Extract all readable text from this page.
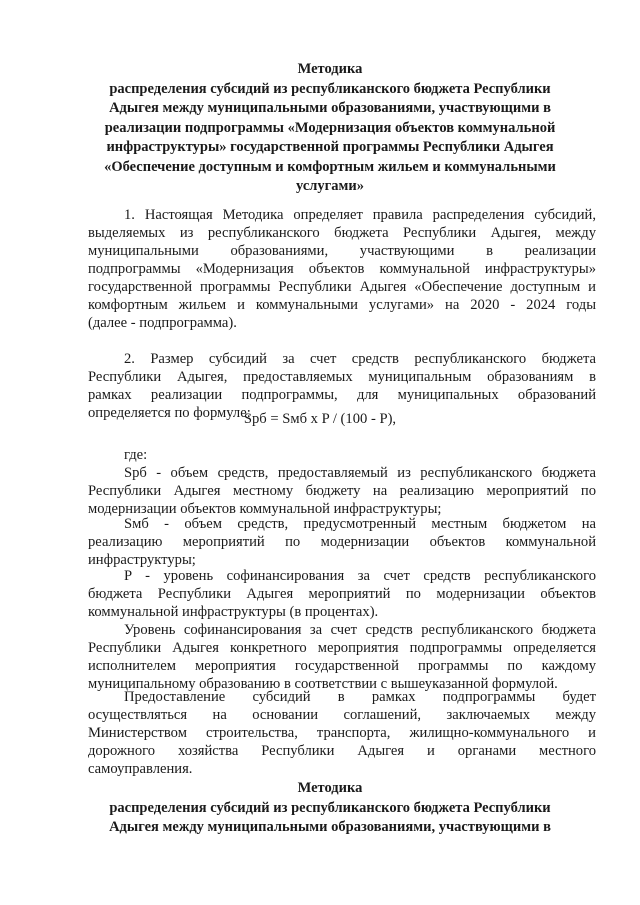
Методика
распределения субсидий из республиканского бюджета Республики
Адыгея между муниципальными образованиями, участвующими в
реализации подпрограммы «Модернизация объектов коммунальной
инфраструктуры» государственной программы Республики Адыгея
«Обеспечение доступным и комфортным жильем и коммунальными
услугами»
1. Настоящая Методика определяет правила распределения субсидий,
выделяемых из республиканского бюджета Республики Адыгея, между
муниципальными образованиями, участвующими в реализации
подпрограммы «Модернизация объектов коммунальной инфраструктуры»
государственной программы Республики Адыгея «Обеспечение доступным и
комфортным жильем и коммунальными услугами» на 2020 - 2024 годы
(далее - подпрограмма).
2. Размер субсидий за счет средств республиканского бюджета
Республики Адыгея, предоставляемых муниципальным образованиям в
рамках реализации подпрограммы, для муниципальных образований
определяется по формуле:
Spб = Sмб x P / (100 - P),
где:
Spб - объем средств, предоставляемый из республиканского бюджета
Республики Адыгея местному бюджету на реализацию мероприятий по
модернизации объектов коммунальной инфраструктуры;
Sмб - объем средств, предусмотренный местным бюджетом на
реализацию мероприятий по модернизации объектов коммунальной
инфраструктуры;
P - уровень софинансирования за счет средств республиканского
бюджета Республики Адыгея мероприятий по модернизации объектов
коммунальной инфраструктуры (в процентах).
Уровень софинансирования за счет средств республиканского бюджета
Республики Адыгея конкретного мероприятия подпрограммы определяется
исполнителем мероприятия государственной программы по каждому
муниципальному образованию в соответствии с вышеуказанной формулой.
Предоставление субсидий в рамках подпрограммы будет
осуществляться на основании соглашений, заключаемых между
Министерством строительства, транспорта, жилищно-коммунального и
дорожного хозяйства Республики Адыгея и органами местного
самоуправления.
Методика
распределения субсидий из республиканского бюджета Республики
Адыгея между муниципальными образованиями, участвующими в
